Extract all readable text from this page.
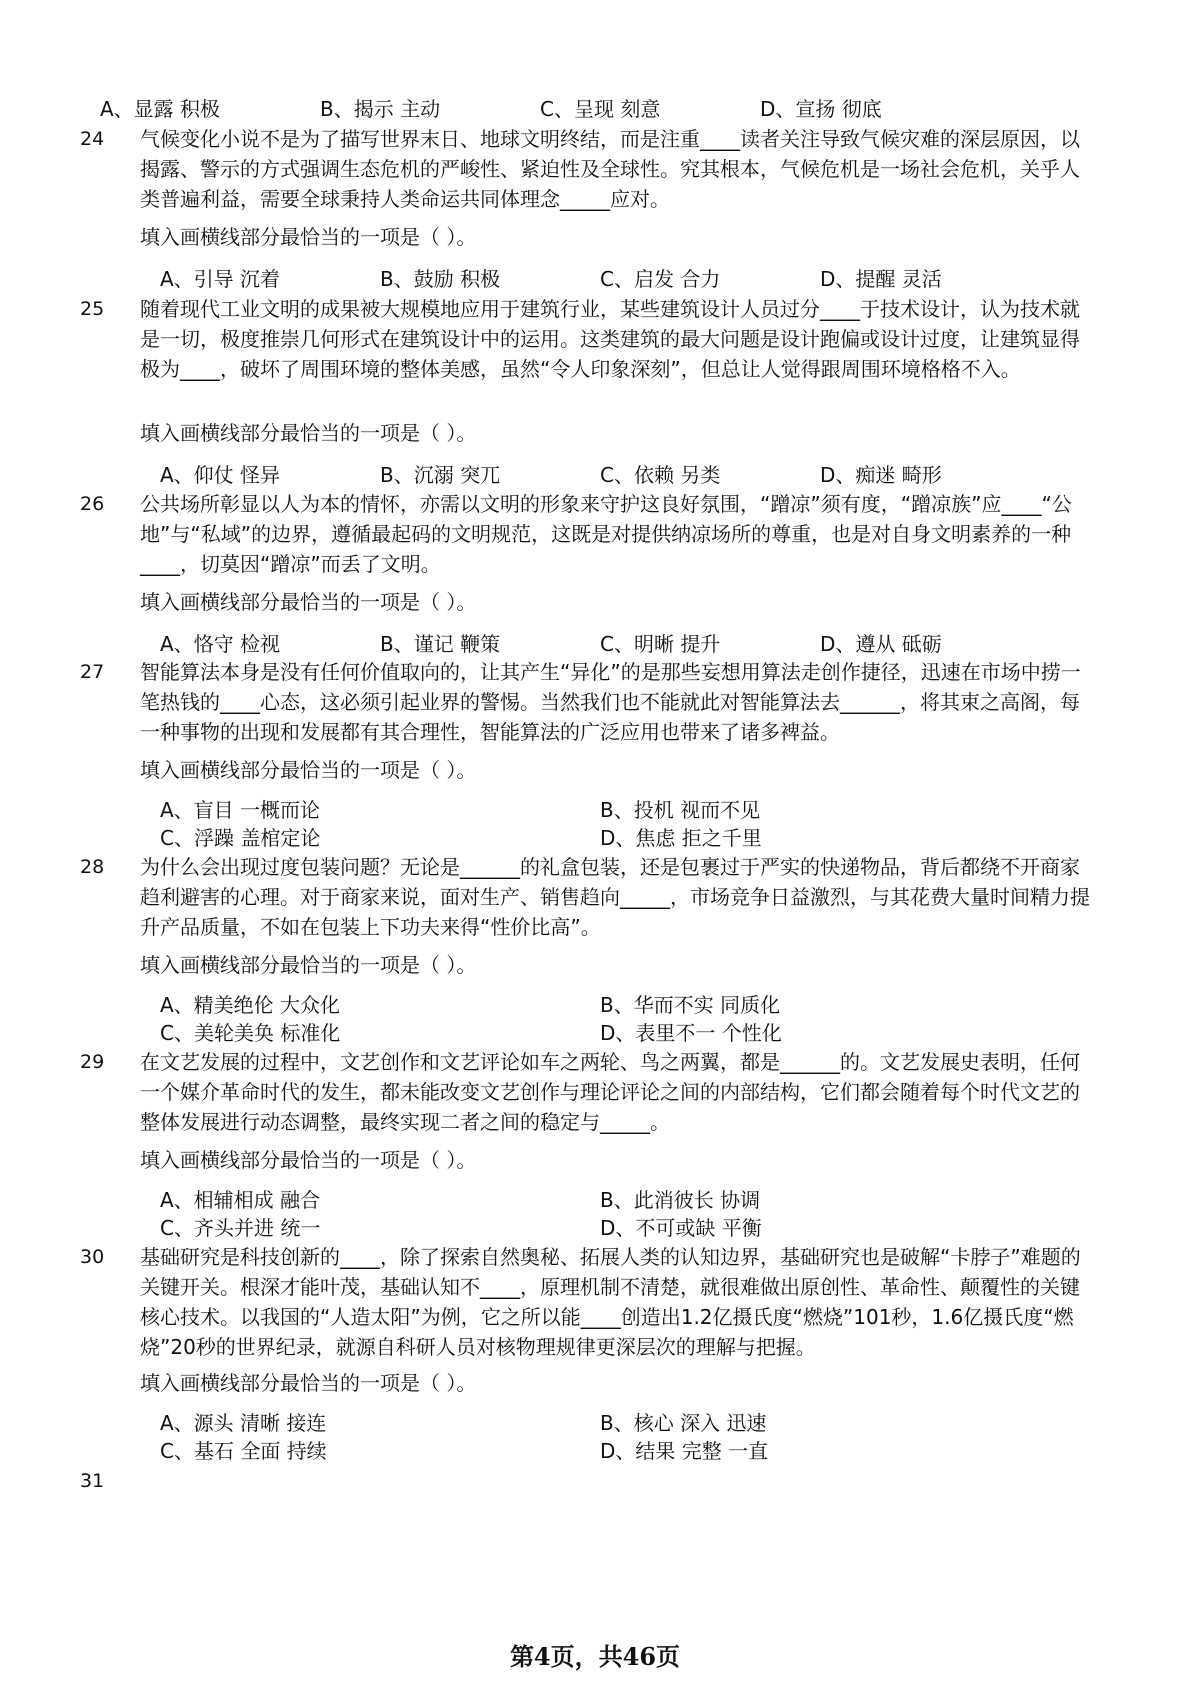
A、显露 积极	B、揭示 主动	C、呈现 刻意	D、宣扬 彻底
24 气候变化小说不是为了描写世界末日、地球文明终结，而是注重____读者关注导致气候灾难的深层原因，以揭露、警示的方式强调生态危机的严峻性、紧迫性及全球性。究其根本，气候危机是一场社会危机，关乎人类普遍利益，需要全球秉持人类命运共同体理念_____应对。

填入画横线部分最恰当的一项是（ ）。
A、引导 沉着	B、鼓励 积极	C、启发 合力	D、提醒 灵活
25 随着现代工业文明的成果被大规模地应用于建筑行业，某些建筑设计人员过分____于技术设计，认为技术就是一切，极度推崇几何形式在建筑设计中的运用。这类建筑的最大问题是设计跑偏或设计过度，让建筑显得极为____，破坏了周围环境的整体美感，虽然“令人印象深刻”，但总让人觉得跟周围环境格格不入。

填入画横线部分最恰当的一项是（ ）。
A、仰仗 怪异	B、沉溺 突兀	C、依赖 另类	D、痴迷 畸形
26 公共场所彰显以人为本的情怀，亦需以文明的形象来守护这良好氛围，“蹭凉”须有度，“蹭凉族”应____“公地”与“私域”的边界，遵循最起码的文明规范，这既是对提供纳凉场所的尊重，也是对自身文明素养的一种____，切莫因“蹭凉”而丢了文明。

填入画横线部分最恰当的一项是（ ）。
A、恪守 检视	B、谨记 鞭策	C、明晰 提升	D、遵从 砥砺
27 智能算法本身是没有任何价值取向的，让其产生“异化”的是那些妄想用算法走创作捷径，迅速在市场中捞一笔热钱的____心态，这必须引起业界的警惕。当然我们也不能就此对智能算法去______，将其束之高阁，每一种事物的出现和发展都有其合理性，智能算法的广泛应用也带来了诸多裨益。

填入画横线部分最恰当的一项是（ ）。
A、盲目 一概而论	B、投机 视而不见
C、浮躁 盖棺定论	D、焦虑 拒之千里
28 为什么会出现过度包装问题？无论是______的礼盒包装，还是包裹过于严实的快递物品，背后都绕不开商家趋利避害的心理。对于商家来说，面对生产、销售趋向_____，市场竞争日益激烈，与其花费大量时间精力提升产品质量，不如在包装上下功夫来得“性价比高”。

填入画横线部分最恰当的一项是（ ）。
A、精美绝伦 大众化	B、华而不实 同质化
C、美轮美奂 标准化	D、表里不一 个性化
29 在文艺发展的过程中，文艺创作和文艺评论如车之两轮、鸟之两翼，都是______的。文艺发展史表明，任何一个媒介革命时代的发生，都未能改变文艺创作与理论评论之间的内部结构，它们都会随着每个时代文艺的整体发展进行动态调整，最终实现二者之间的稳定与_____。

填入画横线部分最恰当的一项是（ ）。
A、相辅相成 融合	B、此消彼长 协调
C、齐头并进 统一	D、不可或缺 平衡
30 基础研究是科技创新的____，除了探索自然奥秘、拓展人类的认知边界，基础研究也是破解“卡脖子”难题的关键开关。根深才能叶茂，基础认知不____，原理机制不清楚，就很难做出原创性、革命性、颠覆性的关键核心技术。以我国的“人造太阳”为例，它之所以能____创造出1.2亿摄氏度“燃烧”101秒，1.6亿摄氏度“燃烧”20秒的世界纪录，就源自科研人员对核物理规律更深层次的理解与把握。

填入画横线部分最恰当的一项是（ ）。
A、源头 清晰 接连	B、核心 深入 迅速
C、基石 全面 持续	D、结果 完整 一直
31
第4页，共46页
